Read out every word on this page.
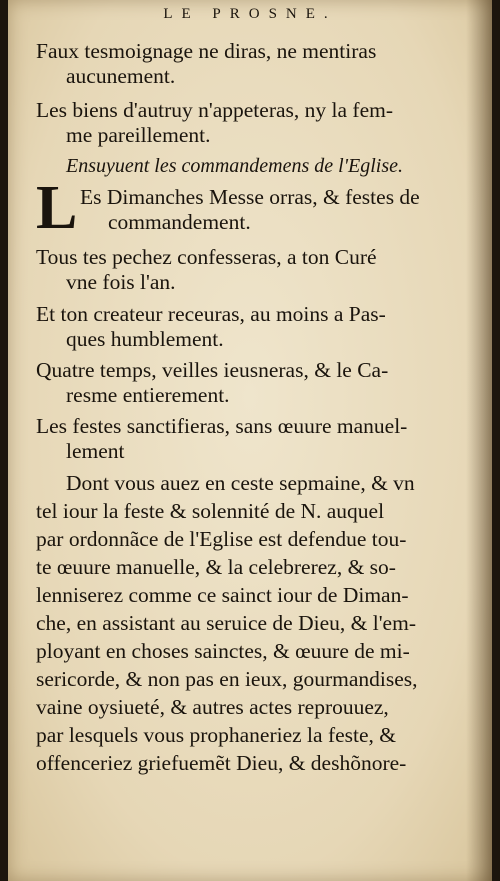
LE PROSNE.
Faux tesmoignage ne diras, ne mentiras
aucunement.
Les biens d'autruy n'appeteras, ny la fem-
me pareillement.
Ensuyuent les commandemens de l'Eglise.
L Es Dimanches Messe orras, & festes de
commandement.
Tous tes pechez confesseras, a ton Curé
vne fois l'an.
Et ton createur receuras, au moins a Pas-
ques humblement.
Quatre temps, veilles ieusneras, & le Ca-
resme entierement.
Les festes sanctifieras, sans œuure manuel-
lement
Dont vous auez en ceste sepmaine, & vn
tel iour la feste & solennité de N. auquel
par ordonnãce de l'Eglise est defendue tou-
te œuure manuelle, & la celebrerez, & so-
lenniserez comme ce sainct iour de Diman-
che, en assistant au seruice de Dieu, & l'em-
ployant en choses sainctes, & œuure de mi-
sericorde, & non pas en ieux, gourmandises,
vaine oysiueté, & autres actes reprouuez,
par lesquels vous prophaneriez la feste, &
offenceriez griefuemẽt Dieu, & deshõnore-
